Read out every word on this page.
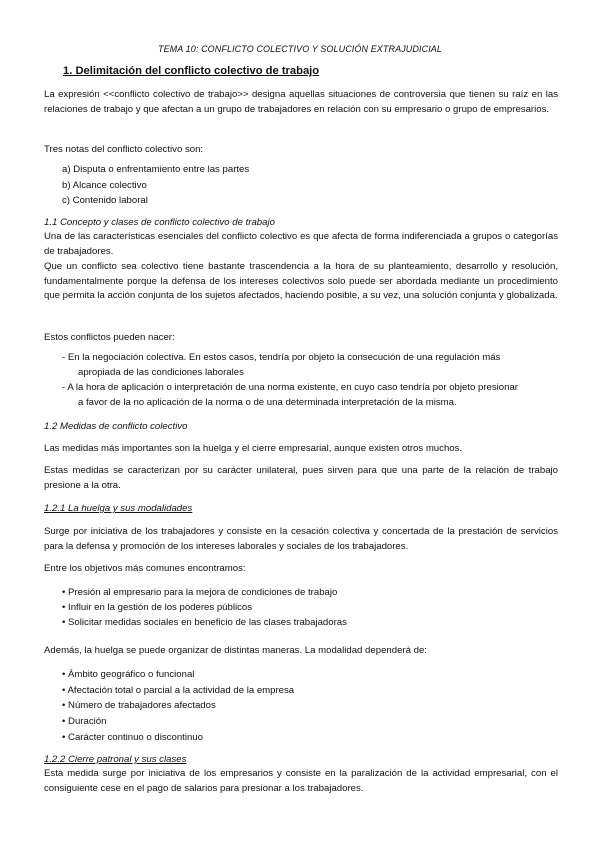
TEMA 10: CONFLICTO COLECTIVO Y SOLUCIÓN EXTRAJUDICIAL
1. Delimitación del conflicto colectivo de trabajo

La expresión <<conflicto colectivo de trabajo>> designa aquellas situaciones de controversia que tienen su raíz en las relaciones de trabajo y que afectan a un grupo de trabajadores en relación con su empresario o grupo de empresarios.

Tres notas del conflicto colectivo son:

a) Disputa o enfrentamiento entre las partes

b) Alcance colectivo

c) Contenido laboral

1.1 Concepto y clases de conflicto colectivo de trabajo

Una de las características esenciales del conflicto colectivo es que afecta de forma indiferenciada a grupos o categorías de trabajadores.

Que un conflicto sea colectivo tiene bastante trascendencia a la hora de su planteamiento, desarrollo y resolución, fundamentalmente porque la defensa de los intereses colectivos solo puede ser abordada mediante un procedimiento que permita la acción conjunta de los sujetos afectados, haciendo posible, a su vez, una solución conjunta y globalizada.

Estos conflictos pueden nacer:

- En la negociación colectiva. En estos casos, tendría por objeto la consecución de una regulación más

apropiada de las condiciones laborales

- A la hora de aplicación o interpretación de una norma existente, en cuyo caso tendría por objeto presionar

a favor de la no aplicación de la norma o de una determinada interpretación de la misma.

1.2 Medidas de conflicto colectivo

Las medidas más importantes son la huelga y el cierre empresarial, aunque existen otros muchos.

Estas medidas se caracterizan por su carácter unilateral, pues sirven para que una parte de la relación de trabajo presione a la otra.

1.2.1 La huelga y sus modalidades

Surge por iniciativa de los trabajadores y consiste en la cesación colectiva y concertada de la prestación de servicios para la defensa y promoción de los intereses laborales y sociales de los trabajadores.

Entre los objetivos más comunes encontramos:

• Presión al empresario para la mejora de condiciones de trabajo

• Influir en la gestión de los poderes públicos

• Solicitar medidas sociales en beneficio de las clases trabajadoras

Además, la huelga se puede organizar de distintas maneras. La modalidad dependerá de:

• Ámbito geográfico o funcional

• Afectación total o parcial a la actividad de la empresa

• Número de trabajadores afectados

• Duración

• Carácter continuo o discontinuo

1.2.2 Cierre patronal y sus clases

Esta medida surge por iniciativa de los empresarios y consiste en la paralización de la actividad empresarial, con el consiguiente cese en el pago de salarios para presionar a los trabajadores.
